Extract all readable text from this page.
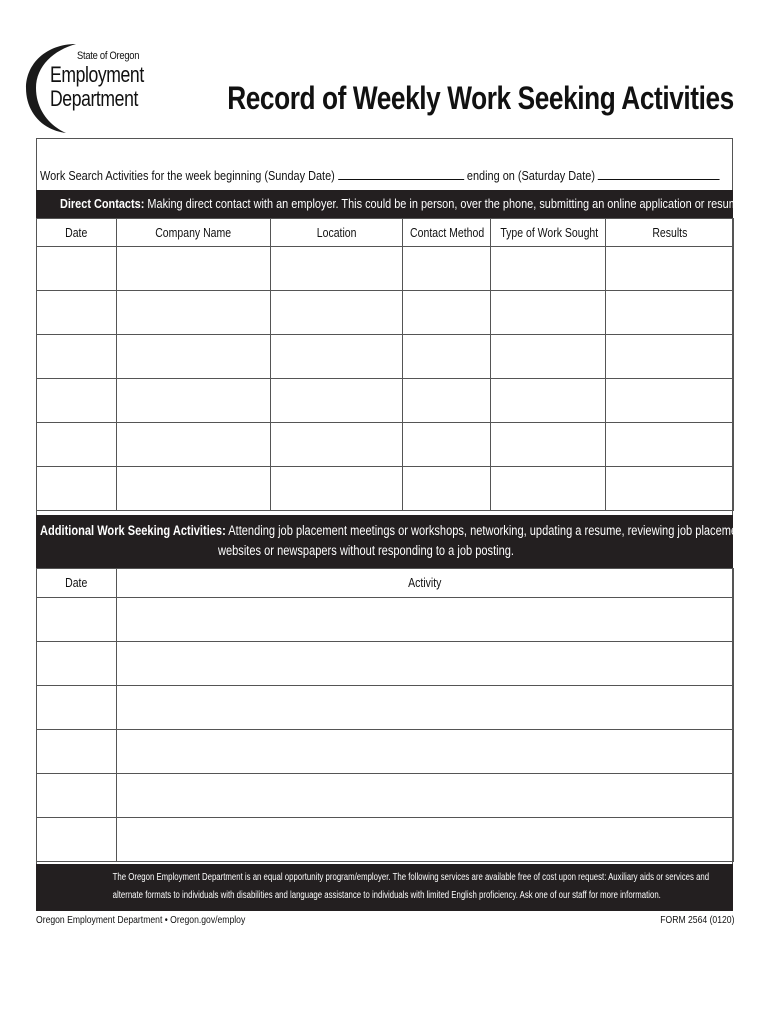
State of Oregon
Employment
Department	Record of Weekly Work Seeking Activities
Work Search Activities for the week beginning (Sunday Date)	ending on (Saturday Date)
Direct Contacts: Making direct contact with an employer. This could be in person, over the phone, submitting an online application or resume.
Date	Company Name	Location	Contact Method	Type of Work Sought	Results

Additional Work Seeking Activities: Attending job placement meetings or workshops, networking, updating a resume, reviewing job placement
websites or newspapers without responding to a job posting.
Date	Activity

The Oregon Employment Department is an equal opportunity program/employer. The following services are available free of cost upon request: Auxiliary aids or services and
alternate formats to individuals with disabilities and language assistance to individuals with limited English proficiency. Ask one of our staff for more information.
Oregon Employment Department • Oregon.gov/employ	FORM 2564 (0120)
